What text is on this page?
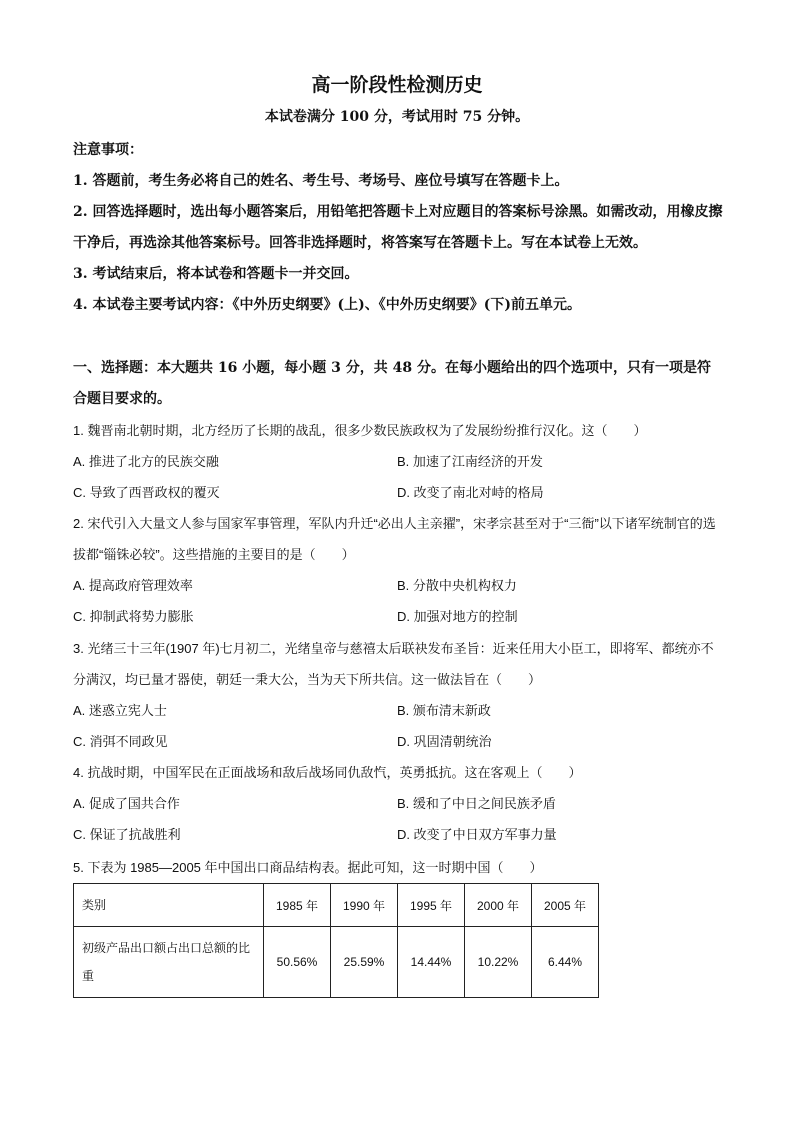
高一阶段性检测历史
本试卷满分 100 分，考试用时 75 分钟。

注意事项：

1. 答题前，考生务必将自己的姓名、考生号、考场号、座位号填写在答题卡上。

2. 回答选择题时，选出每小题答案后，用铅笔把答题卡上对应题目的答案标号涂黑。如需改动，用橡皮擦干净后，再选涂其他答案标号。回答非选择题时，将答案写在答题卡上。写在本试卷上无效。

3. 考试结束后，将本试卷和答题卡一并交回。

4. 本试卷主要考试内容：《中外历史纲要》(上)、《中外历史纲要》(下)前五单元。

一、选择题：本大题共 16 小题，每小题 3 分，共 48 分。在每小题给出的四个选项中，只有一项是符合题目要求的。

1. 魏晋南北朝时期，北方经历了长期的战乱，很多少数民族政权为了发展纷纷推行汉化。这（　　）

A. 推进了北方的民族交融	B. 加速了江南经济的开发
C. 导致了西晋政权的覆灭	D. 改变了南北对峙的格局

2. 宋代引入大量文人参与国家军事管理，军队内升迁“必出人主亲擢”，宋孝宗甚至对于“三衙”以下诸军统制官的选拔都“锱铢必较”。这些措施的主要目的是（　　）

A. 提高政府管理效率	B. 分散中央机构权力
C. 抑制武将势力膨胀	D. 加强对地方的控制

3. 光绪三十三年(1907 年)七月初二，光绪皇帝与慈禧太后联袂发布圣旨：近来任用大小臣工，即将军、都统亦不分满汉，均已量才器使，朝廷一秉大公，当为天下所共信。这一做法旨在（　　）

A. 迷惑立宪人士	B. 颁布清末新政
C. 消弭不同政见	D. 巩固清朝统治

4. 抗战时期，中国军民在正面战场和敌后战场同仇敌忾，英勇抵抗。这在客观上（　　）

A. 促成了国共合作	B. 缓和了中日之间民族矛盾
C. 保证了抗战胜利	D. 改变了中日双方军事力量

5. 下表为 1985—2005 年中国出口商品结构表。据此可知，这一时期中国（　　）

类别	1985 年	1990 年	1995 年	2000 年	2005 年
初级产品出口额占出口总额的比重	50.56%	25.59%	14.44%	10.22%	6.44%
